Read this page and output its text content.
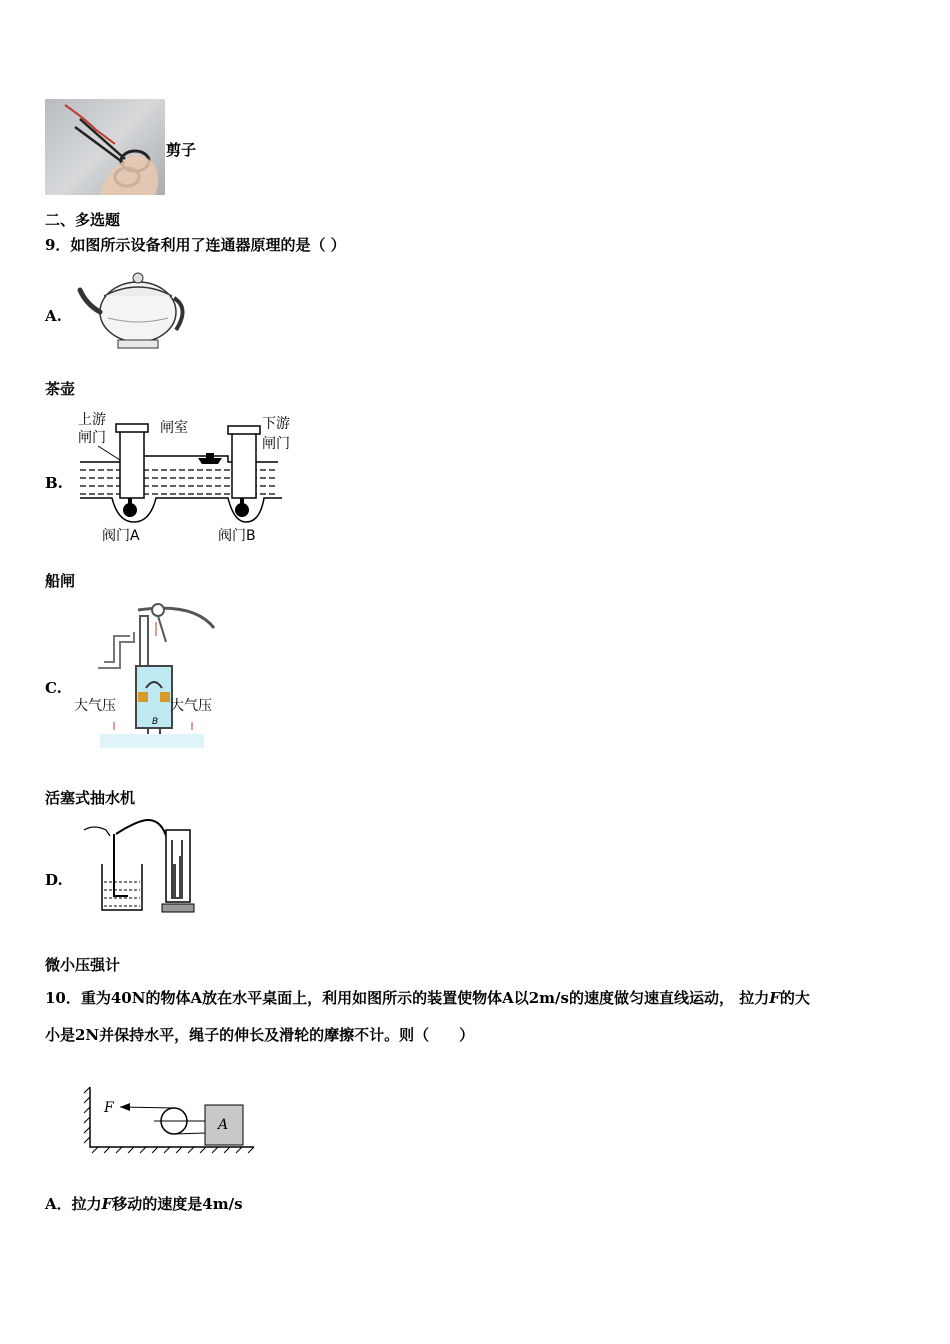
剪子
二、多选题
9．如图所示设备利用了连通器原理的是（ ）
A.
茶壶
B.
上游
闸门
闸室	下游
闸门
阀门A	阀门B
船闸
C.
大气压	大气压
B
活塞式抽水机
D.
微小压强计
10．重为40N的物体A放在水平桌面上，利用如图所示的装置使物体A以2m/s的速度做匀速直线运动， 拉力F的大
小是2N并保持水平，绳子的伸长及滑轮的摩擦不计。则（　　）
F
A
A．拉力F移动的速度是4m/s
